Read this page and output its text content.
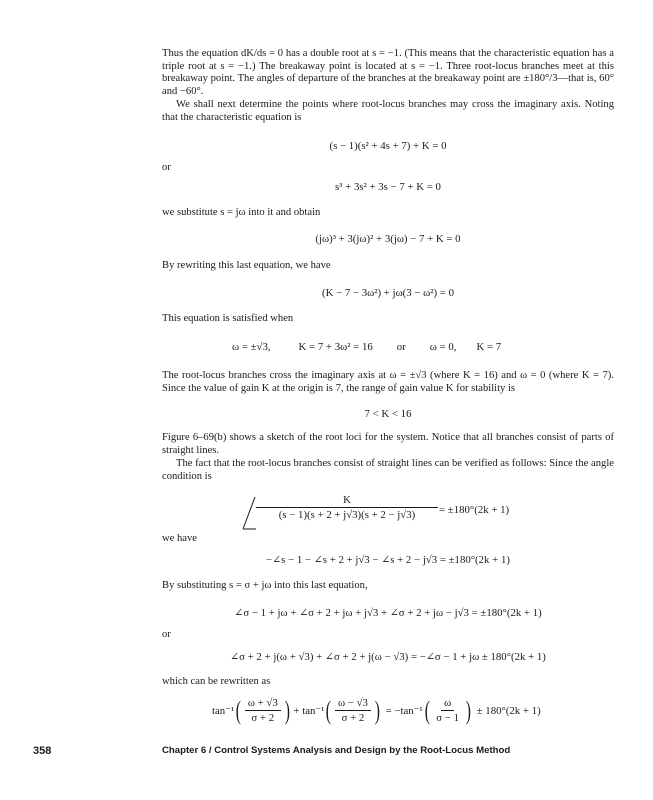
Thus the equation dK/ds = 0 has a double root at s = −1. (This means that the characteristic equation has a triple root at s = −1.) The breakaway point is located at s = −1. Three root-locus branches meet at this breakaway point. The angles of departure of the branches at the breakaway point are ±180°/3—that is, 60° and −60°.

We shall next determine the points where root-locus branches may cross the imaginary axis. Noting that the characteristic equation is

(s − 1)(s² + 4s + 7) + K = 0
or
s³ + 3s² + 3s − 7 + K = 0
we substitute s = jω into it and obtain
(jω)³ + 3(jω)² + 3(jω) − 7 + K = 0
By rewriting this last equation, we have
(K − 7 − 3ω²) + jω(3 − ω²) = 0
This equation is satisfied when
ω = ±√3,	K = 7 + 3ω² = 16 or ω = 0, K = 7

The root-locus branches cross the imaginary axis at ω = ±√3 (where K = 16) and ω = 0 (where K = 7). Since the value of gain K at the origin is 7, the range of gain value K for stability is

7 < K < 16

Figure 6–69(b) shows a sketch of the root loci for the system. Notice that all branches consist of parts of straight lines.

The fact that the root-locus branches consist of straight lines can be verified as follows: Since the angle condition is

$\frac{K}{(s - 1)(s + 2 + j√3)(s + 2 - j√3)} = \pm 180^\circ(2k + 1)$
we have
−∠s − 1 − ∠s + 2 + j√3 − ∠s + 2 − j√3 = ±180°(2k + 1)
By substituting s = σ + jω into this last equation,
∠σ − 1 + jω + ∠σ + 2 + jω + j√3 + ∠σ + 2 + jω − j√3 = ±180°(2k + 1)
or
∠σ + 2 + j(ω + √3) + ∠σ + 2 + j(ω − √3) = −∠σ − 1 + jω ± 180°(2k + 1)
which can be rewritten as
tan⁻¹ ( $\frac{\omega + √3}{\sigma + 2}$ ) + tan⁻¹ ( $\frac{\omega - √3}{\sigma + 2}$ ) = −tan⁻¹ ( $\frac{\omega}{\sigma - 1}$ ) ± 180°(2k + 1)
358	Chapter 6 / Control Systems Analysis and Design by the Root-Locus Method
